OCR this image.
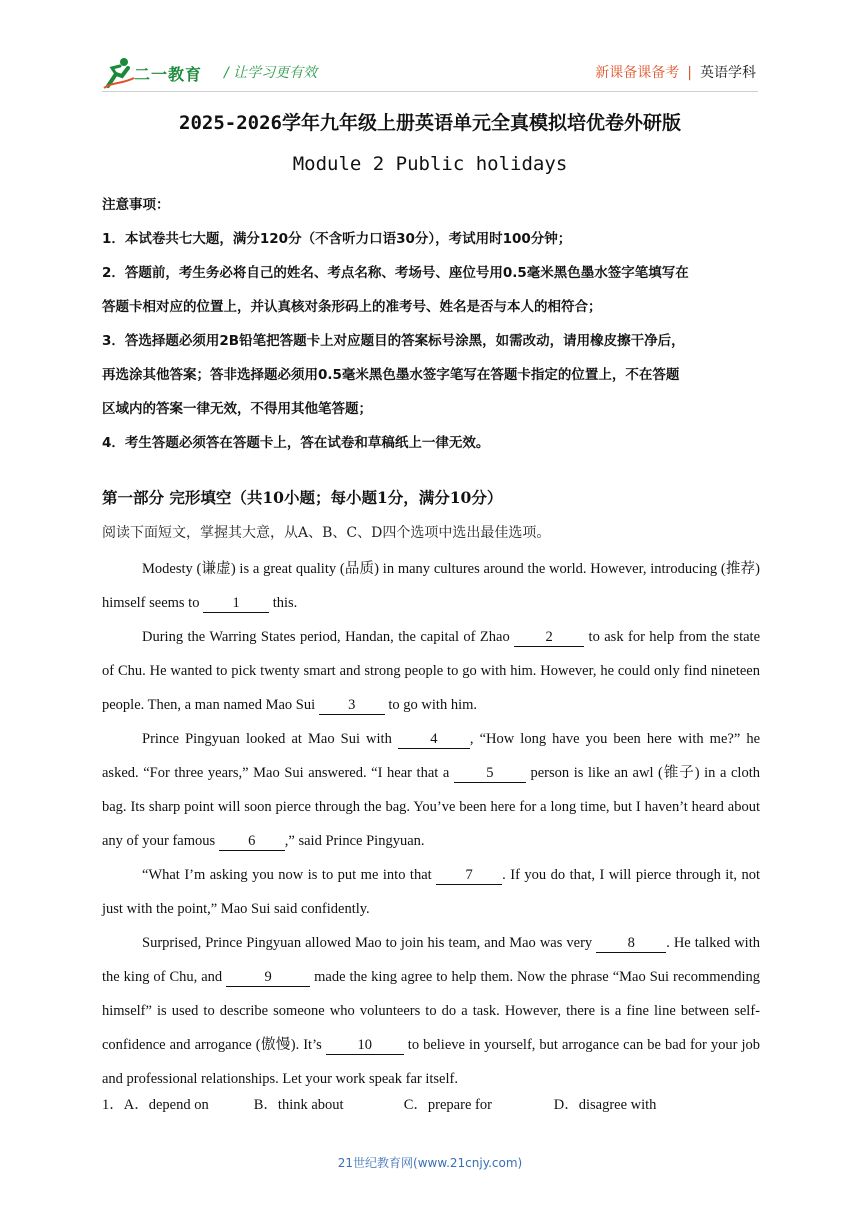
二一教育 / 让学习更有效	新课备课备考 | 英语学科
2025-2026学年九年级上册英语单元全真模拟培优卷外研版
Module 2 Public holidays

注意事项：

1．本试卷共七大题，满分120分（不含听力口语30分），考试用时100分钟；

2．答题前，考生务必将自己的姓名、考点名称、考场号、座位号用0.5毫米黑色墨水签字笔填写在

答题卡相对应的位置上，并认真核对条形码上的准考号、姓名是否与本人的相符合；

3．答选择题必须用2B铅笔把答题卡上对应题目的答案标号涂黑，如需改动，请用橡皮擦干净后，

再选涂其他答案；答非选择题必须用0.5毫米黑色墨水签字笔写在答题卡指定的位置上，不在答题

区域内的答案一律无效，不得用其他笔答题；

4．考生答题必须答在答题卡上，答在试卷和草稿纸上一律无效。

第一部分 完形填空（共10小题；每小题1分，满分10分）
阅读下面短文，掌握其大意，从A、B、C、D四个选项中选出最佳选项。

Modesty (谦虚) is a great quality (品质) in many cultures around the world. However, introducing (推荐) himself seems to 1 this.

During the Warring States period, Handan, the capital of Zhao 2 to ask for help from the state of Chu. He wanted to pick twenty smart and strong people to go with him. However, he could only find nineteen people. Then, a man named Mao Sui 3 to go with him.

Prince Pingyuan looked at Mao Sui with 4 , “How long have you been here with me?” he asked. “For three years,” Mao Sui answered. “I hear that a 5 person is like an awl (锥子) in a cloth bag. Its sharp point will soon pierce through the bag. You’ve been here for a long time, but I haven’t heard about any of your famous 6 ,” said Prince Pingyuan.

“What I’m asking you now is to put me into that 7 . If you do that, I will pierce through it, not just with the point,” Mao Sui said confidently.

Surprised, Prince Pingyuan allowed Mao to join his team, and Mao was very 8 . He talked with the king of Chu, and	9	made the king agree to help them. Now the phrase “Mao Sui recommending himself” is used to describe someone who volunteers to do a task. However, there is a fine line between self-confidence and arrogance (傲慢). It’s 10 to believe in yourself, but arrogance can be bad for your job and professional relationships. Let your work speak far itself.

1．A．depend on	B．think about	C．prepare for	D．disagree with
21世纪教育网(www.21cnjy.com)
